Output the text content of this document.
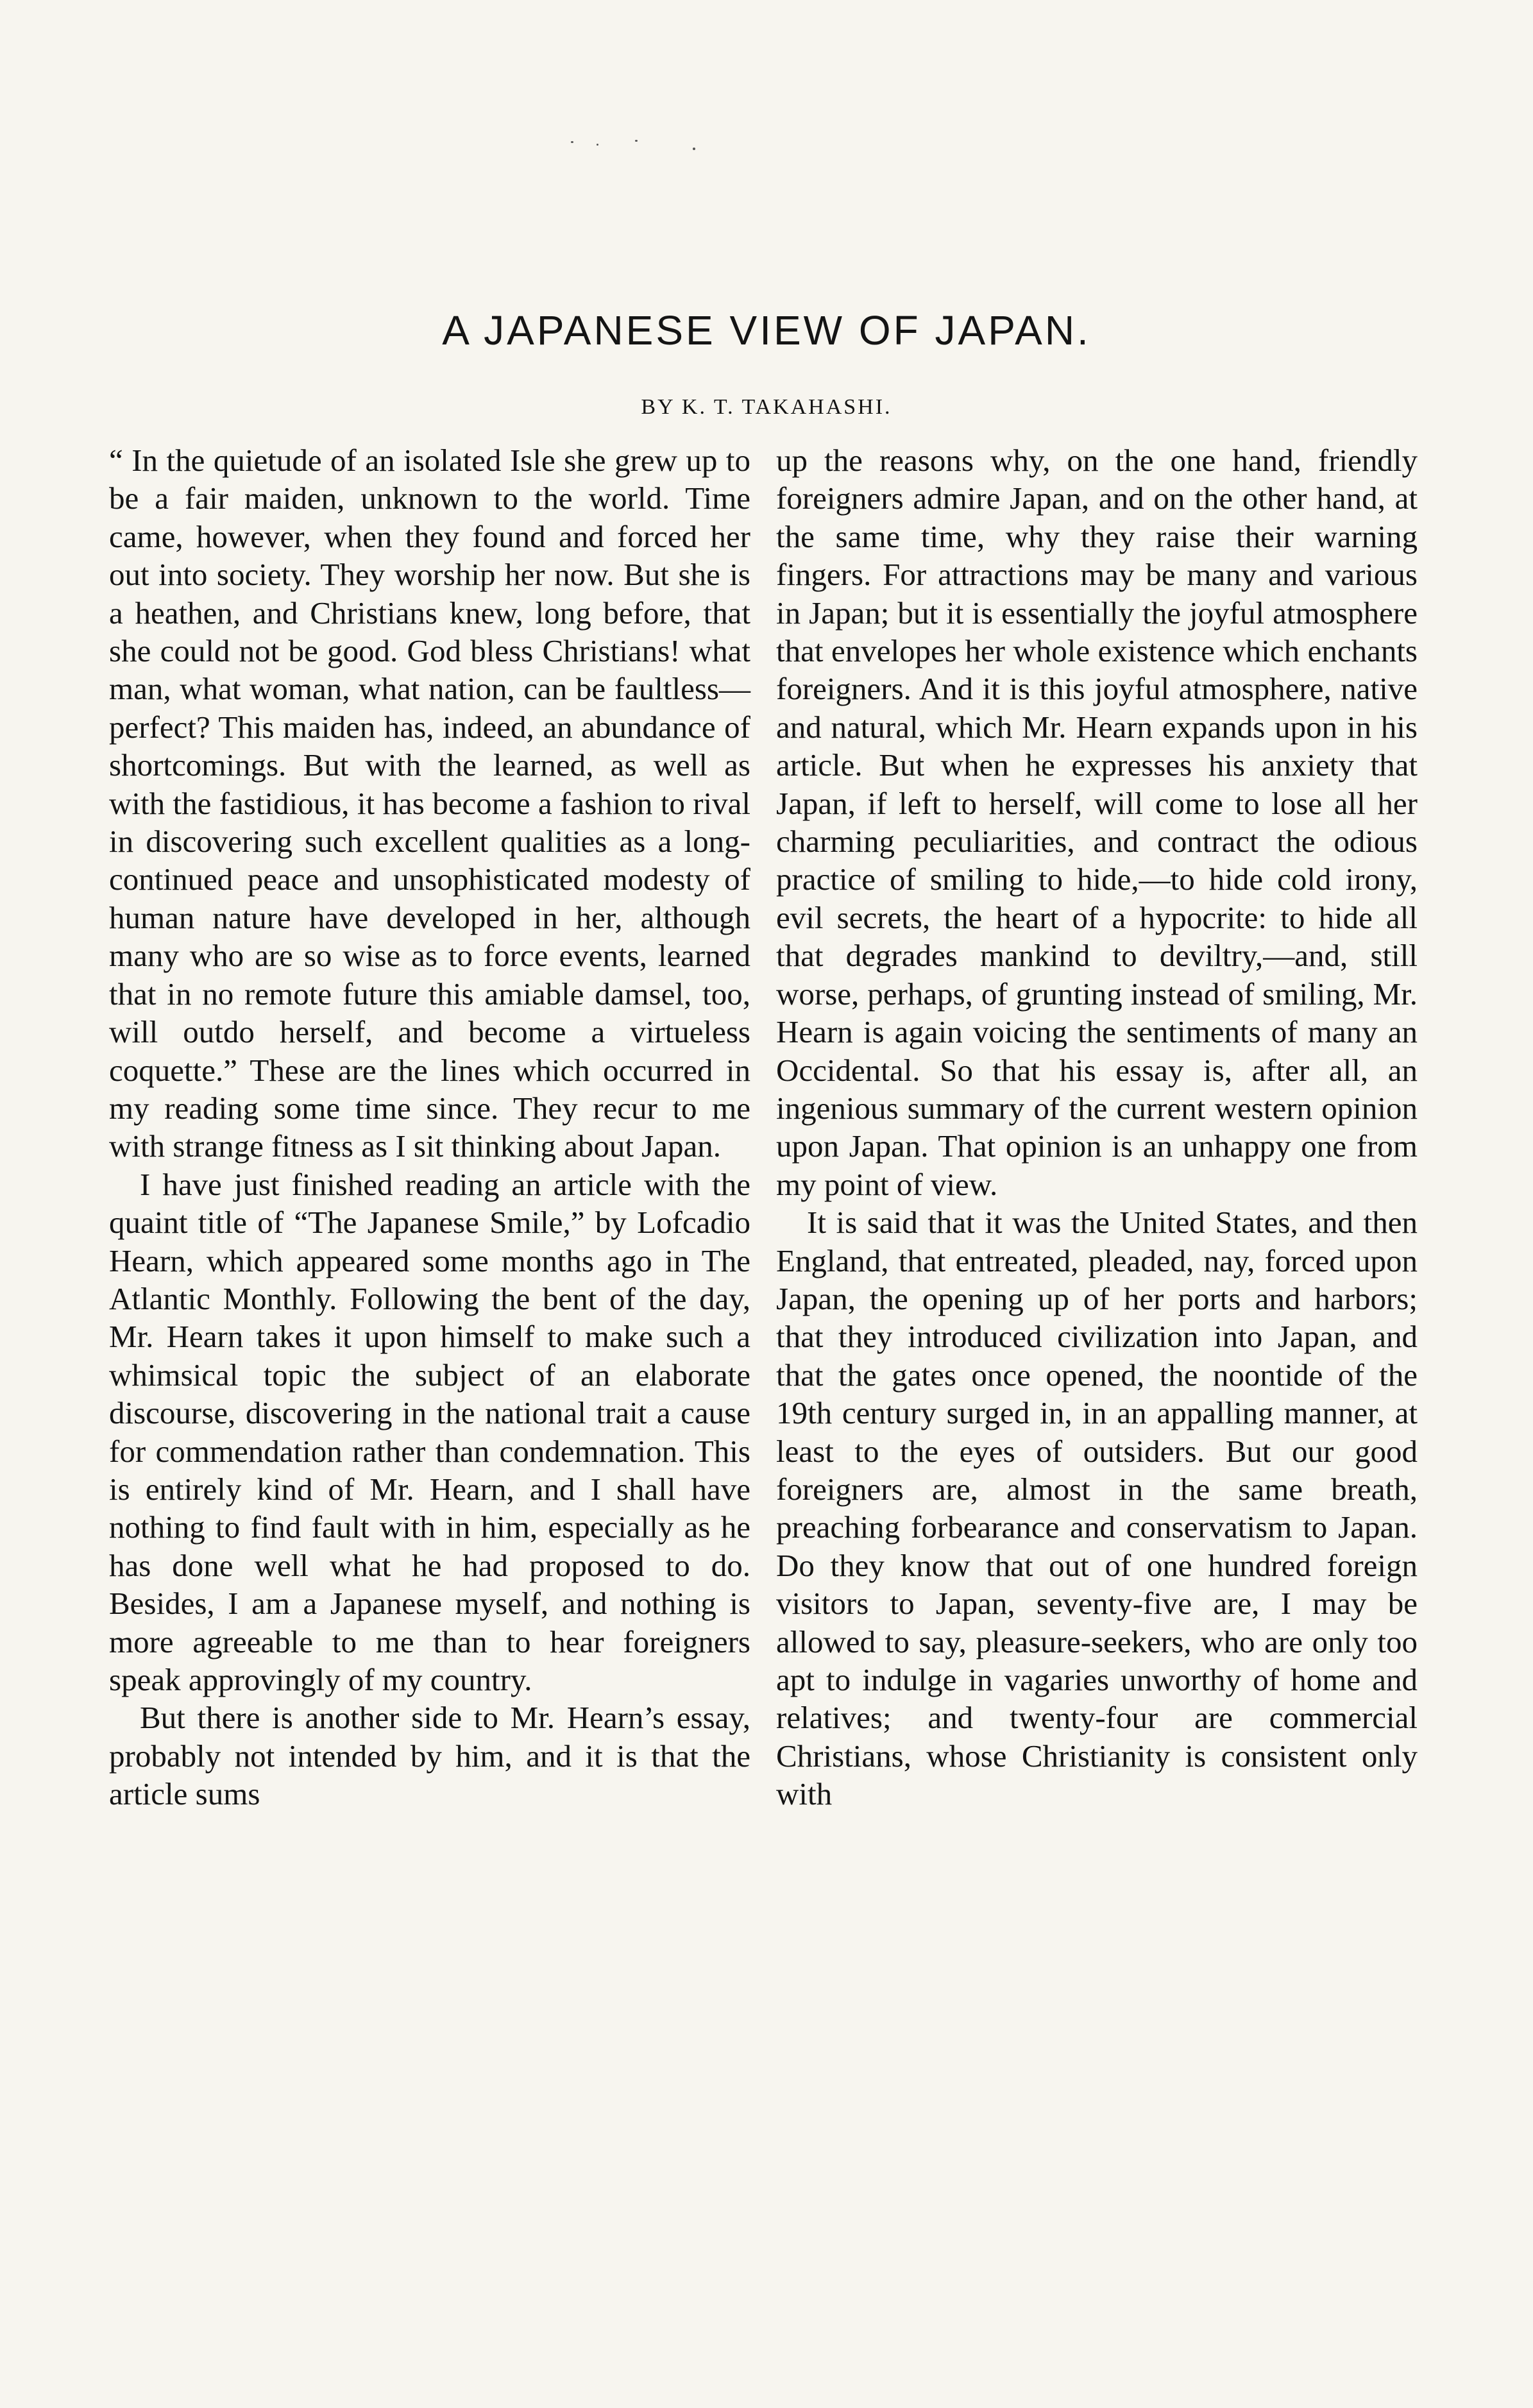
A JAPANESE VIEW OF JAPAN.
BY K. T. TAKAHASHI.

“ In the quietude of an isolated Isle she grew up to be a fair maiden, unknown to the world. Time came, however, when they found and forced her out into society. They worship her now. But she is a heathen, and Christians knew, long before, that she could not be good. God bless Christians! what man, what woman, what nation, can be faultless—perfect? This maiden has, indeed, an abundance of shortcomings. But with the learned, as well as with the fastidious, it has become a fashion to rival in discovering such excellent qualities as a long-continued peace and unsophisticated modesty of human nature have developed in her, although many who are so wise as to force events, learned that in no remote future this amiable damsel, too, will outdo herself, and become a virtueless coquette.” These are the lines which occurred in my reading some time since. They recur to me with strange fitness as I sit thinking about Japan.

I have just finished reading an article with the quaint title of “The Japanese Smile,” by Lofcadio Hearn, which appeared some months ago in The Atlantic Monthly. Following the bent of the day, Mr. Hearn takes it upon himself to make such a whimsical topic the subject of an elaborate discourse, discovering in the national trait a cause for commendation rather than condemnation. This is entirely kind of Mr. Hearn, and I shall have nothing to find fault with in him, especially as he has done well what he had proposed to do. Besides, I am a Japanese myself, and nothing is more agreeable to me than to hear foreigners speak approvingly of my country.

But there is another side to Mr. Hearn’s essay, probably not intended by him, and it is that the article sums

up the reasons why, on the one hand, friendly foreigners admire Japan, and on the other hand, at the same time, why they raise their warning fingers. For attractions may be many and various in Japan; but it is essentially the joyful atmosphere that envelopes her whole existence which enchants foreigners. And it is this joyful atmosphere, native and natural, which Mr. Hearn expands upon in his article. But when he expresses his anxiety that Japan, if left to herself, will come to lose all her charming peculiarities, and contract the odious practice of smiling to hide,—to hide cold irony, evil secrets, the heart of a hypocrite: to hide all that degrades mankind to deviltry,—and, still worse, perhaps, of grunting instead of smiling, Mr. Hearn is again voicing the sentiments of many an Occidental. So that his essay is, after all, an ingenious summary of the current western opinion upon Japan. That opinion is an unhappy one from my point of view.

It is said that it was the United States, and then England, that entreated, pleaded, nay, forced upon Japan, the opening up of her ports and harbors; that they introduced civilization into Japan, and that the gates once opened, the noontide of the 19th century surged in, in an appalling manner, at least to the eyes of outsiders. But our good foreigners are, almost in the same breath, preaching forbearance and conservatism to Japan. Do they know that out of one hundred foreign visitors to Japan, seventy-five are, I may be allowed to say, pleasure-seekers, who are only too apt to indulge in vagaries unworthy of home and relatives; and twenty-four are commercial Christians, whose Christianity is consistent only with
